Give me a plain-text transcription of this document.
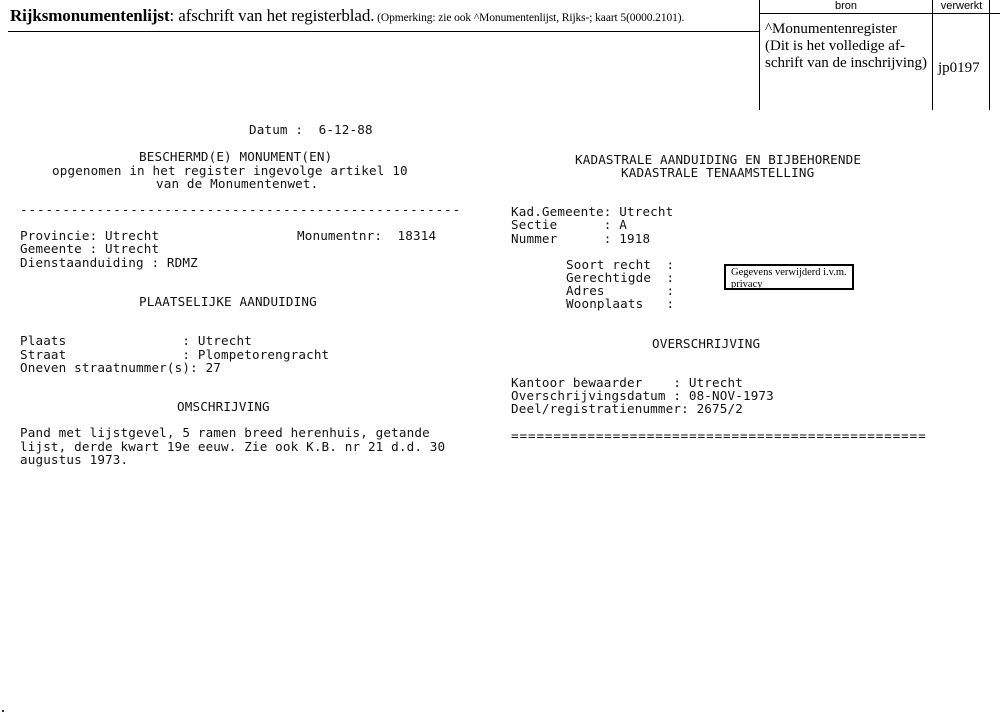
Rijksmonumentenlijst: afschrift van het registerblad. (Opmerking: zie ook ^Monumentenlijst, Rijks-; kaart 5(0000.2101).
bron	verwerkt
^Monumentenregister
(Dit is het volledige af-
schrift van de inschrijving) jp0197
Datum :  6-12-88
BESCHERMD(E) MONUMENT(EN)
opgenomen in het register ingevolge artikel 10
van de Monumentenwet.
----------------------------------------------------
Provincie: Utrecht	Monumentnr:  18314
Gemeente : Utrecht
Dienstaanduiding : RDMZ
PLAATSELIJKE AANDUIDING
Plaats               : Utrecht
Straat               : Plompetorengracht
Oneven straatnummer(s): 27
OMSCHRIJVING
Pand met lijstgevel, 5 ramen breed herenhuis, getande
lijst, derde kwart 19e eeuw. Zie ook K.B. nr 21 d.d. 30
augustus 1973.
KADASTRALE AANDUIDING EN BIJBEHORENDE
KADASTRALE TENAAMSTELLING
Kad.Gemeente: Utrecht
Sectie      : A
Nummer      : 1918
Soort recht  :
Gerechtigde  :
Adres        :
Woonplaats   :
OVERSCHRIJVING
Kantoor bewaarder    : Utrecht
Overschrijvingsdatum : 08-NOV-1973
Deel/registratienummer: 2675/2
=================================================
Gegevens verwijderd i.v.m.
privacy
